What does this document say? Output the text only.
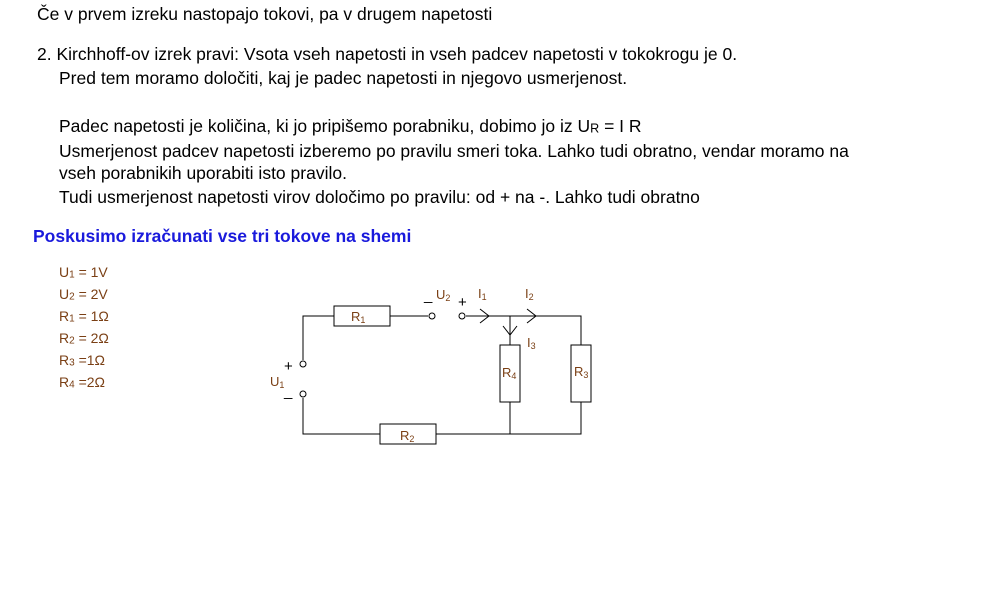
Če v prvem izreku nastopajo tokovi, pa v drugem napetosti
2. Kirchhoff-ov izrek pravi: Vsota vseh napetosti in vseh padcev napetosti v tokokrogu je 0.
Pred tem moramo določiti, kaj je padec napetosti in njegovo usmerjenost.
Padec napetosti je količina, ki jo pripišemo porabniku, dobimo jo iz UR = I R
Usmerjenost padcev napetosti izberemo po pravilu smeri toka. Lahko tudi obratno, vendar moramo na
vseh porabnikih uporabiti isto pravilo.
Tudi usmerjenost napetosti virov določimo po pravilu: od + na -. Lahko tudi obratno
Poskusimo izračunati vse tri tokove na shemi
U1 = 1V
U2 = 2V
R1 = 1Ω
R2 = 2Ω
R3 =1Ω
R4 =2Ω
R1
R2
R4	R3
U1
U2 I1	I2
I3
+
_
_ +
